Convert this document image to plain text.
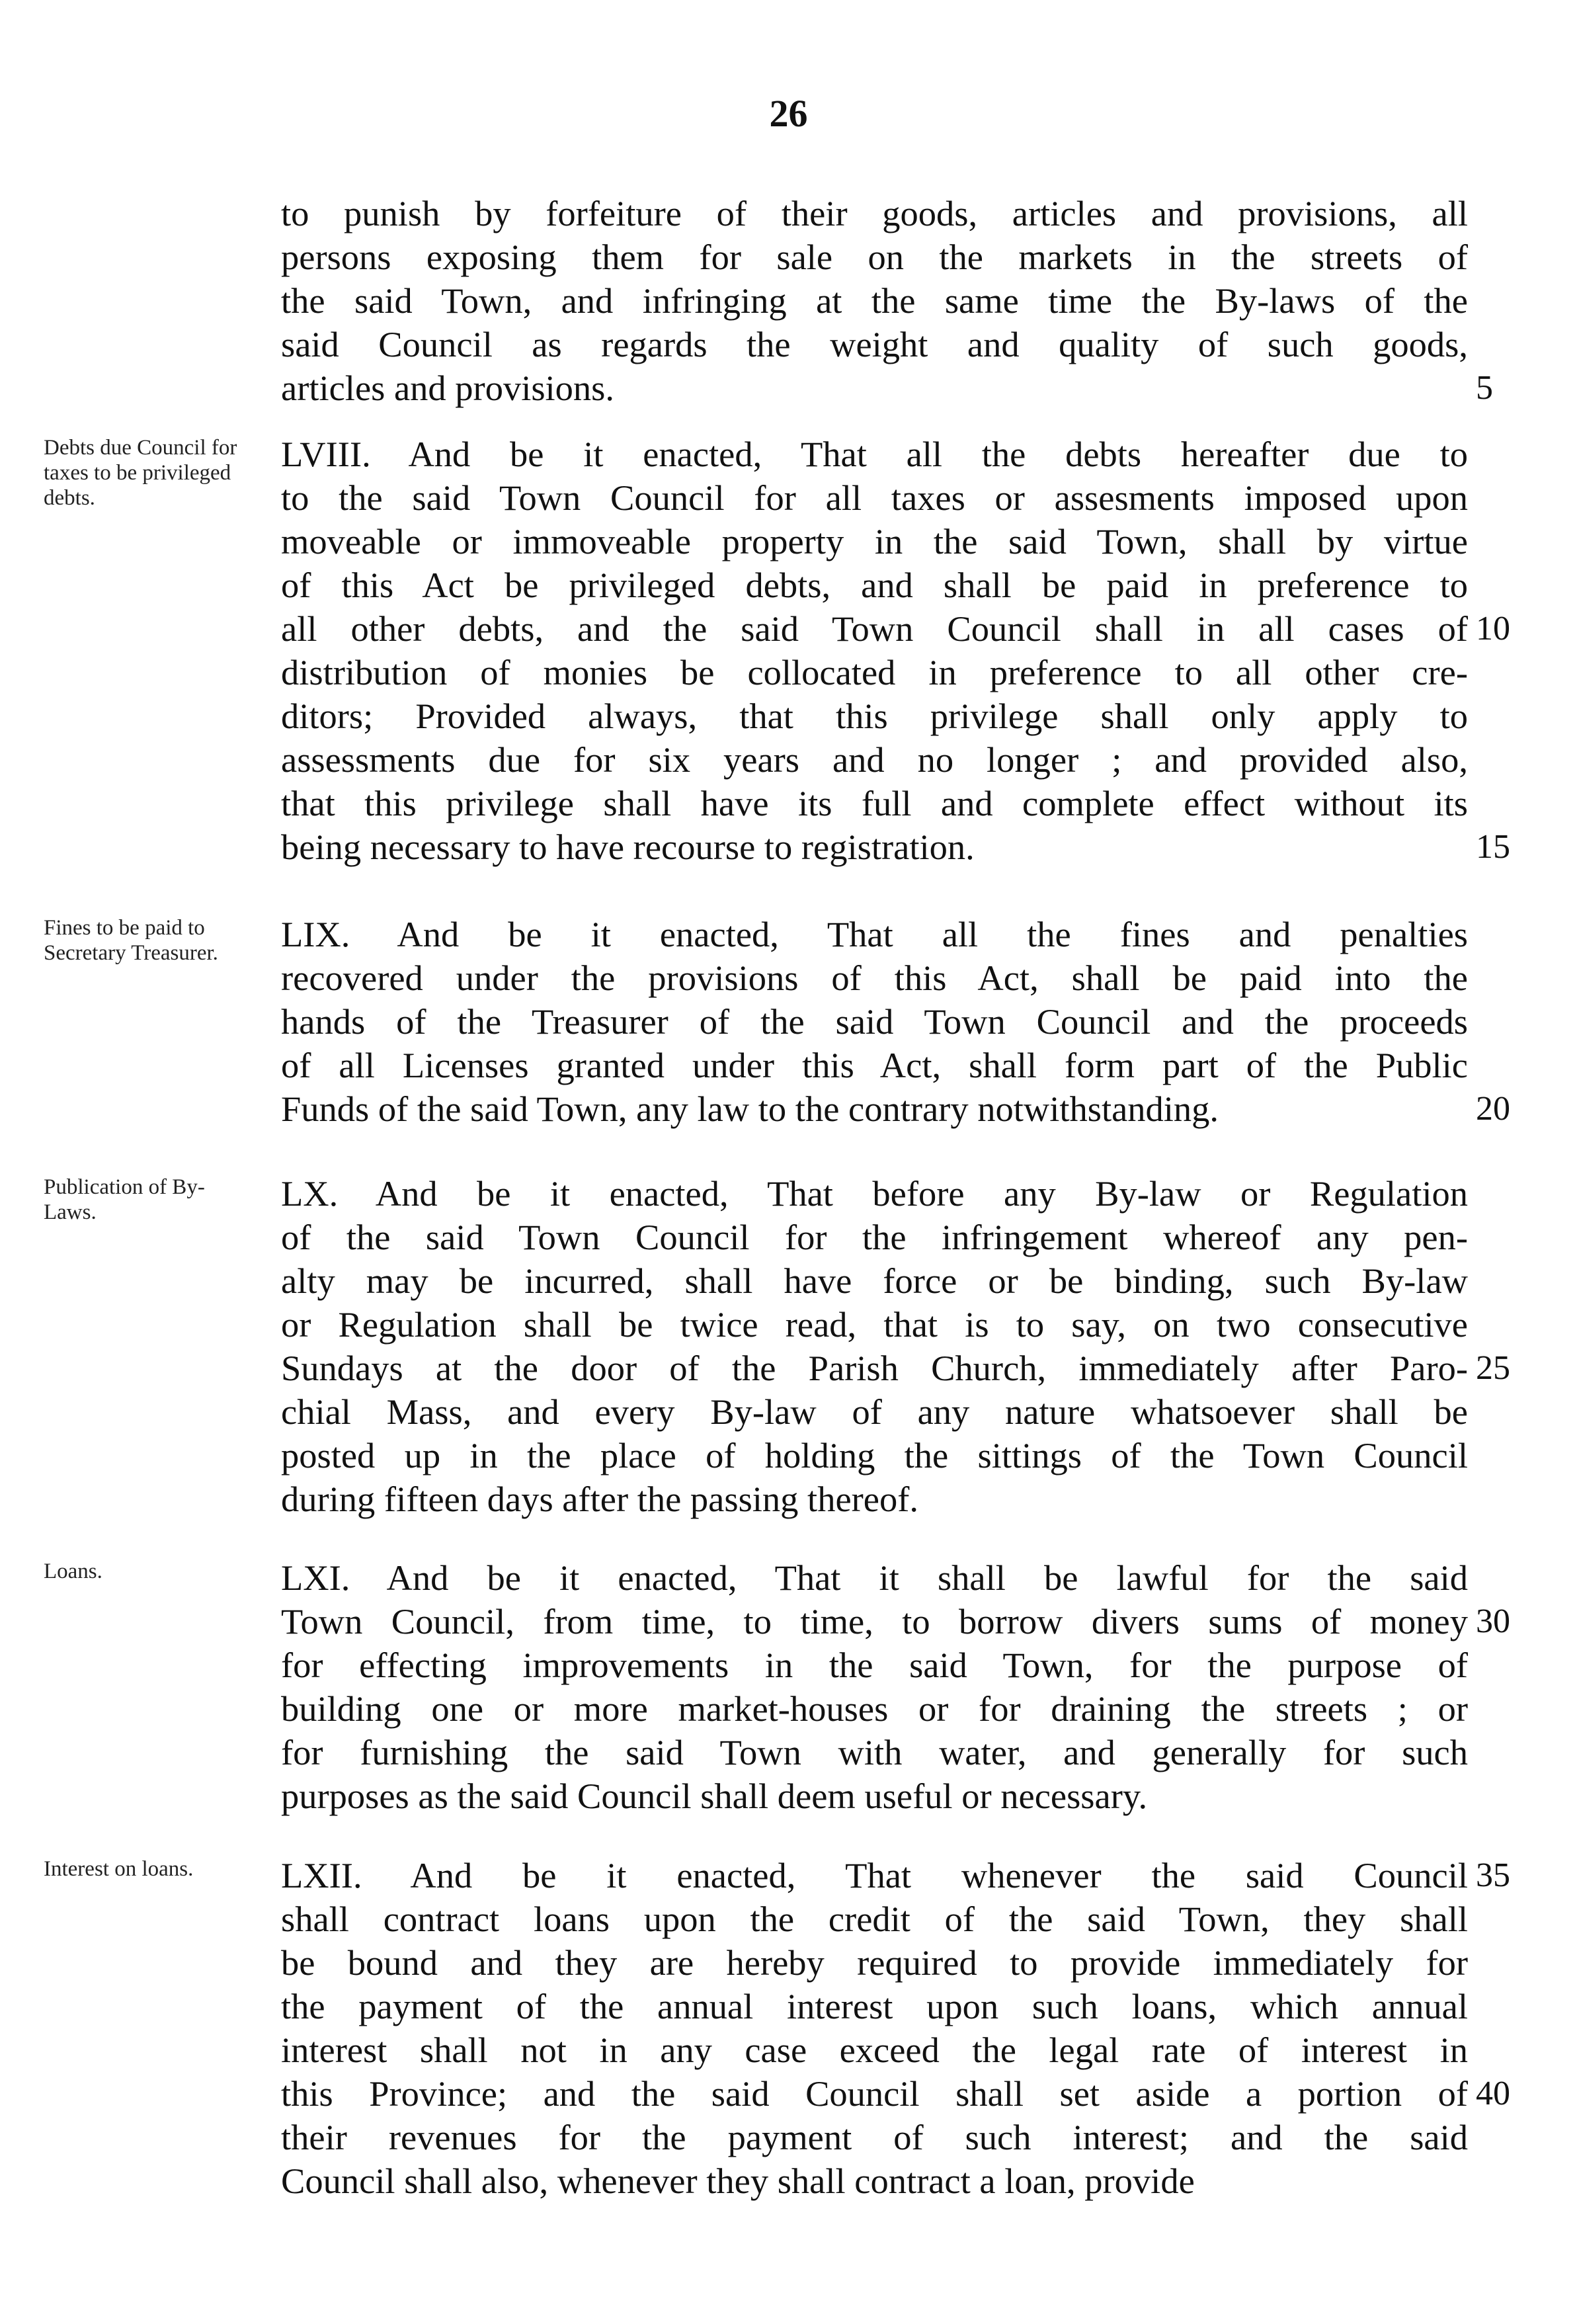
26
to punish by forfeiture of their goods, articles and provisions, all
persons exposing them for sale on the markets in the streets of
the said Town, and infringing at the same time the By-laws of the
said Council as regards the weight and quality of such goods,
articles and provisions.	5
Debts due Council for taxes to be privileged debts.
LVIII. And be it enacted, That all the debts hereafter due to
to the said Town Council for all taxes or assesments imposed upon
moveable or immoveable property in the said Town, shall by virtue
of this Act be privileged debts, and shall be paid in preference to
all other debts, and the said Town Council shall in all cases of
distribution of monies be collocated in preference to all other cre-
ditors; Provided always, that this privilege shall only apply to
assessments due for six years and no longer ; and provided also,
that this privilege shall have its full and complete effect without its
being necessary to have recourse to registration.
10
15
Fines to be paid to Secretary Treasurer.	LIX. And be it enacted, That all the fines and penalties
recovered under the provisions of this Act, shall be paid into the
hands of the Treasurer of the said Town Council and the proceeds
of all Licenses granted under this Act, shall form part of the Public
Funds of the said Town, any law to the contrary notwithstanding.	20
Publication of By-Laws.	LX. And be it enacted, That before any By-law or Regulation
of the said Town Council for the infringement whereof any pen-
alty may be incurred, shall have force or be binding, such By-law
or Regulation shall be twice read, that is to say, on two consecutive
Sundays at the door of the Parish Church, immediately after Paro-
chial Mass, and every By-law of any nature whatsoever shall be
posted up in the place of holding the sittings of the Town Council
during fifteen days after the passing thereof.
25
Loans.	LXI. And be it enacted, That it shall be lawful for the said
Town Council, from time, to time, to borrow divers sums of money
for effecting improvements in the said Town, for the purpose of
building one or more market-houses or for draining the streets ; or
for furnishing the said Town with water, and generally for such
purposes as the said Council shall deem useful or necessary.
30
Interest on loans.	LXII. And be it enacted, That whenever the said Council
shall contract loans upon the credit of the said Town, they shall
be bound and they are hereby required to provide immediately for
the payment of the annual interest upon such loans, which annual
interest shall not in any case exceed the legal rate of interest in
this Province; and the said Council shall set aside a portion of
their revenues for the payment of such interest; and the said
Council shall also, whenever they shall contract a loan, provide
35
40
